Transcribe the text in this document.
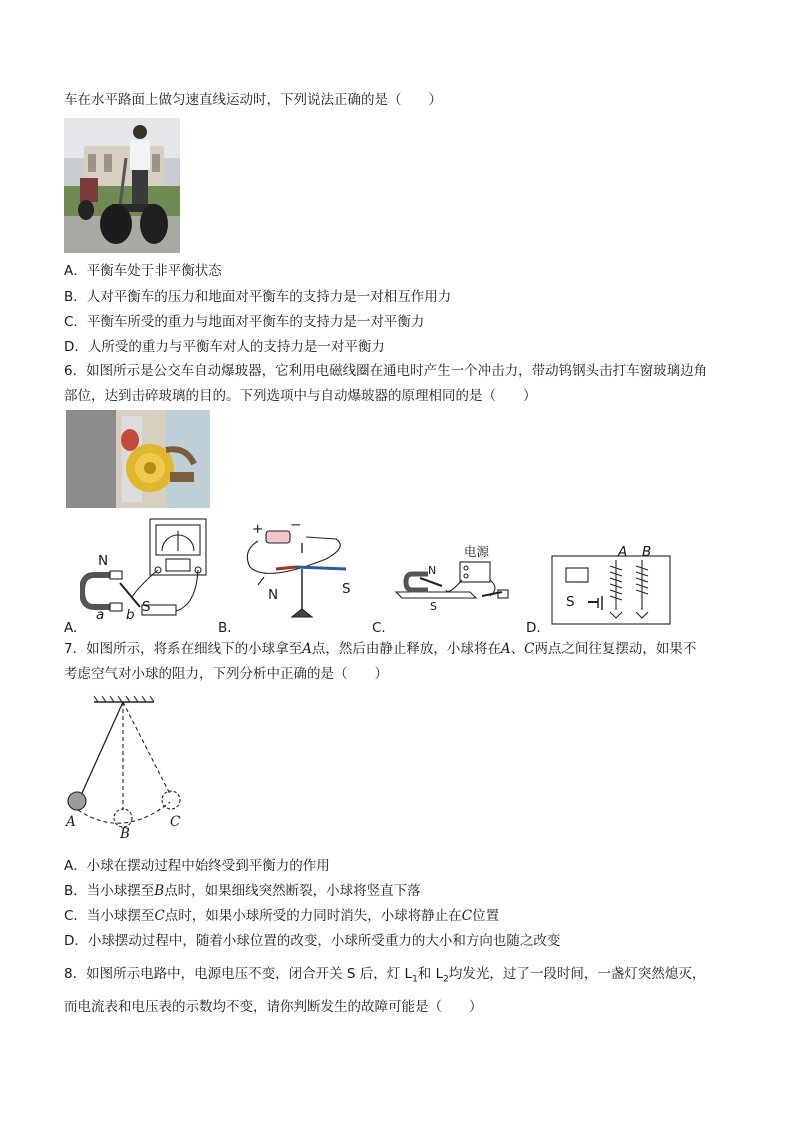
车在水平路面上做匀速直线运动时，下列说法正确的是（　　）
A．平衡车处于非平衡状态
B．人对平衡车的压力和地面对平衡车的支持力是一对相互作用力
C．平衡车所受的重力与地面对平衡车的支持力是一对平衡力
D．人所受的重力与平衡车对人的支持力是一对平衡力
6．如图所示是公交车自动爆玻器，它利用电磁线圈在通电时产生一个冲击力，带动钨钢头击打车窗玻璃边角
部位，达到击碎玻璃的目的。下列选项中与自动爆玻器的原理相同的是（　　）
N
S
a b
+ −
I
N	S
电源
N
S
A B
S
A.	B.	C.	D.
7．如图所示，将系在细线下的小球拿至A点，然后由静止释放，小球将在A、C两点之间往复摆动，如果不
考虑空气对小球的阻力，下列分析中正确的是（　　）
A
B
C
A．小球在摆动过程中始终受到平衡力的作用
B．当小球摆至B点时，如果细线突然断裂，小球将竖直下落
C．当小球摆至C点时，如果小球所受的力同时消失，小球将静止在C位置
D．小球摆动过程中，随着小球位置的改变，小球所受重力的大小和方向也随之改变
8．如图所示电路中，电源电压不变，闭合开关 S 后，灯 $L_1$和 $L_2$均发光，过了一段时间，一盏灯突然熄灭，
而电流表和电压表的示数均不变，请你判断发生的故障可能是（　　）
